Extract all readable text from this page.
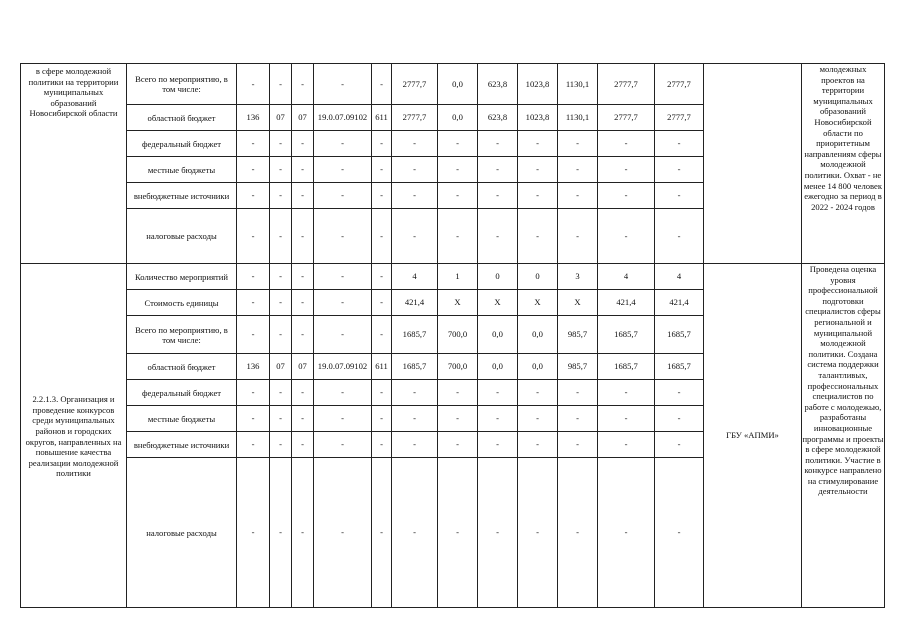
в сфере молодежной политики на территории муниципальных образований Новосибирской области	Всего по мероприятию, в том числе:	-	-	-	-	-	2777,7	0,0	623,8	1023,8	1130,1	2777,7	2777,7		молодежных проектов на территории муниципальных образований Новосибирской области по приоритетным направлениям сферы молодежной политики. Охват - не менее 14 800 человек ежегодно за период в 2022 - 2024 годов
	областной бюджет	136	07	07	19.0.07.09102	611	2777,7	0,0	623,8	1023,8	1130,1	2777,7	2777,7		
	федеральный бюджет	-	-	-	-	-	-	-	-	-	-	-	-		
	местные бюджеты	-	-	-	-	-	-	-	-	-	-	-	-		
	внебюджетные источники	-	-	-	-	-	-	-	-	-	-	-	-		
	налоговые расходы	-	-	-	-	-	-	-	-	-	-	-	-		
2.2.1.3. Организация и проведение конкурсов среди муниципальных районов и городских округов, направленных на повышение качества реализации молодежной политики	Количество мероприятий	-	-	-	-	-	4	1	0	0	3	4	4	ГБУ «АПМИ»	Проведена оценка уровня профессиональной подготовки специалистов сферы региональной и муниципальной молодежной политики. Создана система поддержки талантливых, профессиональных специалистов по работе с молодежью, разработаны инновационные программы и проекты в сфере молодежной политики. Участие в конкурсе направлено на стимулирование деятельности
	Стоимость единицы	-	-	-	-	-	421,4	X	X	X	X	421,4	421,4		
	Всего по мероприятию, в том числе:	-	-	-	-	-	1685,7	700,0	0,0	0,0	985,7	1685,7	1685,7		
	областной бюджет	136	07	07	19.0.07.09102	611	1685,7	700,0	0,0	0,0	985,7	1685,7	1685,7		
	федеральный бюджет	-	-	-	-	-	-	-	-	-	-	-	-		
	местные бюджеты	-	-	-	-	-	-	-	-	-	-	-	-		
	внебюджетные источники	-	-	-	-	-	-	-	-	-	-	-	-		
	налоговые расходы	-	-	-	-	-	-	-	-	-	-	-	-		
